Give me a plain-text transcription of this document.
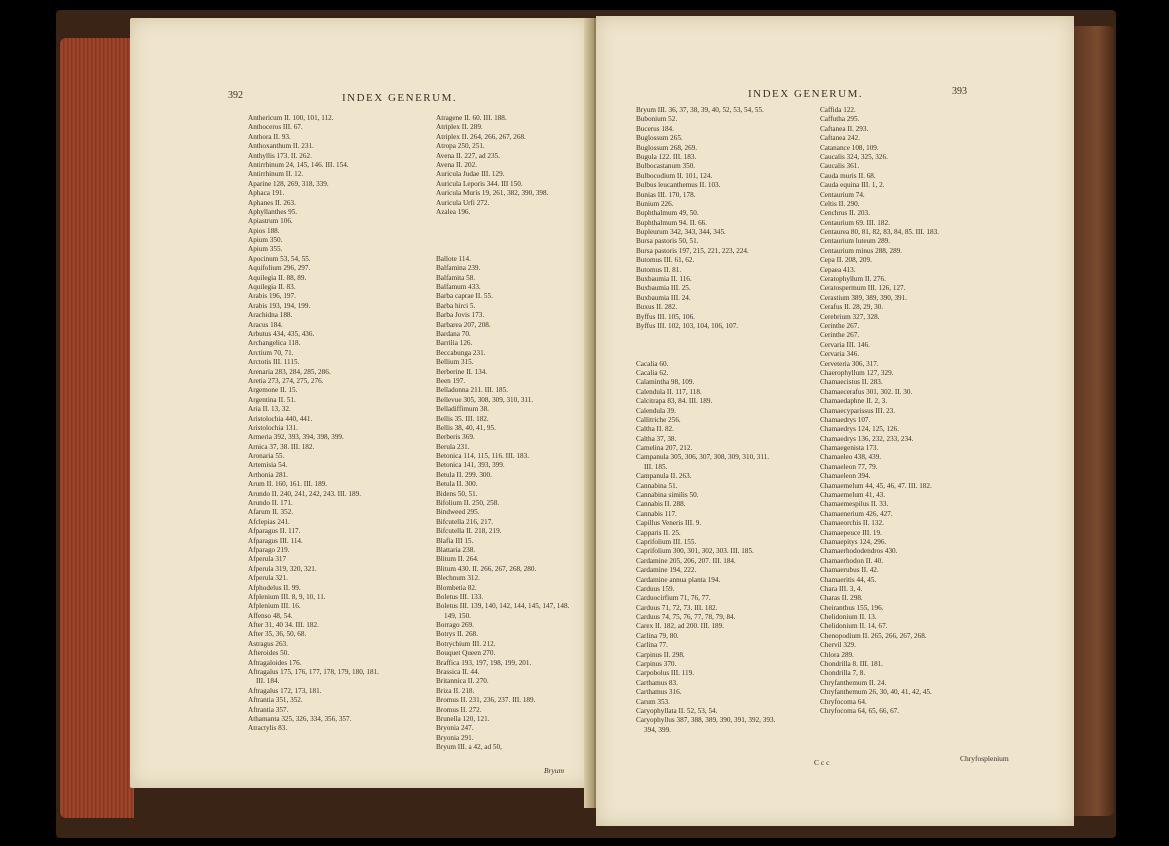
392	INDEX GENERUM.
Anthericum II. 100, 101, 112.
Anthoceros III. 67.
Anthora II. 93.
Anthoxanthum II. 231.
Anthyllis 173. II. 262.
Antirrhinum 24, 145, 146. III. 154.
Antirrhinum II. 12.
Aparine 128, 269, 318, 339.
Aphaca 191.
Aphanes II. 263.
Aphyllanthes 95.
Apiastrum 106.
Apios 188.
Apium 350.
Apium 355.
Apocinum 53, 54, 55.
Aquifolium 296, 297.
Aquilegia II. 88, 89.
Aquilegia II. 83.
Arabis 196, 197.
Arabis 193, 194, 199.
Arachidna 188.
Aracus 184.
Arbutus 434, 435, 436.
Archangelica 118.
Arctium 70, 71.
Arctotis III. 1115.
Arenaria 283, 284, 285, 286.
Aretia 273, 274, 275, 276.
Argemone II. 15.
Argentina II. 51.
Aria II. 13, 32.
Aristolochia 440, 441.
Aristolochia 131.
Armeria 392, 393, 394, 398, 399.
Arnica 37, 38. III. 182.
Aronaria 55.
Artemisia 54.
Arthonia 281.
Arum II. 160, 161. III. 189.
Arundo II. 240, 241, 242, 243. III. 189.
Arundo II. 171.
Afarum II. 352.
Afclepias 241.
Afparagus II. 117.
Afparagus III. 114.
Afparago 219.
Afperula 317
Afperula 319, 320, 321.
Afperula 321.
Afphodelus II. 99.
Afplenium III. 8, 9, 10, 11.
Afplenium III. 16.
Affenso 48, 54.
After 31, 40 34. III. 182.
After 35, 36, 50, 68.
Astragus 263.
Afteroides 50.
Aftragaloides 176.
Aftragalus 175, 176, 177, 178, 179, 180, 181.
III. 184.
Aftragalus 172, 173, 181.
Aftrantia 351, 352.
Aftrantia 357.
Athamanta 325, 326, 334, 356, 357.
Atractylis 83.
Atragene II. 60. III. 188.
Atriplex II. 289.
Atriplex II. 264, 266, 267, 268.
Atropa 250, 251.
Avena II. 227, ad 235.
Avena II. 202.
Auricula Judae III. 129.
Auricula Leporis 344. III 150.
Auricula Muris 19, 261, 382, 390, 398.
Auricula Urfi 272.
Azalea 196.
Ballote 114.
Balfamina 239.
Balfamita 58.
Balfamum 433.
Barba caprae II. 55.
Barba hirci 5.
Barba Jovis 173.
Barbarea 207, 208.
Bardana 70.
Barrilia 126.
Beccabunga 231.
Bellium 315.
Berberine II. 134.
Been 197.
Belladonna 211. III. 185.
Bellevue 305, 308, 309, 310, 311.
Belladiffimum 38.
Bellis 35. III. 182.
Bellis 38, 40, 41, 95.
Berberis 369.
Berula 231.
Betonica 114, 115, 116. III. 183.
Betonica 141, 393, 399.
Betula II. 299. 300.
Betula II. 300.
Bidens 50, 51.
Bifolium II. 250, 258.
Bindweed 295.
Bifcutella 216, 217.
Bifcutella II. 218, 219.
Blafia III 15.
Blattaria 238.
Blitum II. 264.
Blitum 430. II. 266, 267, 268, 280.
Blechnum 312.
Blombetia 82.
Boletus III. 133.
Boletus III. 139, 140, 142, 144, 145, 147, 148.
149, 150.
Borrago 269.
Botrys II. 268.
Botrychium III. 212.
Bouquet Queen 270.
Braffica 193, 197, 198, 199, 201.
Brassica II. 44.
Britannica II. 270.
Briza II. 218.
Bromus II. 231, 236, 237. III. 189.
Bromus II. 272.
Brunella 120, 121.
Bryonia 247.
Bryonia 291.
Bryum III. a 42, ad 50,
Bryum
INDEX GENERUM.	393
Bryum III. 36, 37, 38, 39, 40, 52, 53, 54, 55.
Bubonium 52.
Bucerus 184.
Buglossum 265.
Buglossum 268, 269.
Bugula 122. III. 183.
Bulbocastanum 350.
Bulbocodium II. 101, 124.
Bulbus leucanthemus II. 103.
Bunias III. 170, 178.
Bunium 226.
Buphthalmum 49, 50.
Buphthalmum 94. II. 66.
Bupleurum 342, 343, 344, 345.
Bursa pastoris 50, 51.
Bursa pastoris 197, 215, 221, 223, 224.
Butomus III. 61, 62.
Butomus II. 81.
Buxbaumia II. 116.
Buxbaumia III. 25.
Buxbaumia III. 24.
Buxus II. 282.
Byffus III. 105, 106.
Byffus III. 102, 103, 104, 106, 107.
Cacalia 60.
Cacalia 62.
Calamintha 98, 109.
Calendula II. 117, 118.
Calcitrapa 83, 84. III. 189.
Calendula 39.
Callitriche 256.
Caltha II. 82.
Caltha 37, 38.
Camelina 207, 212.
Campanula 305, 306, 307, 308, 309, 310, 311.
III. 185.
Campanula II. 263.
Cannabina 51.
Cannabina similis 50.
Cannabis II. 288.
Cannabis 117.
Capillus Veneris III. 9.
Capparis II. 25.
Caprifolium III. 155.
Caprifolium 300, 301, 302, 303. III. 185.
Cardamine 205, 206, 207. III. 184.
Cardamine 194, 222.
Cardamine annua planta 194.
Carduus 159.
Carduocirfium 71, 76, 77.
Carduus 71, 72, 73. III. 182.
Carduus 74, 75, 76, 77, 78, 79, 84.
Carex II. 182, ad 200. III. 189.
Carlina 79, 80.
Carlina 77.
Carpinus II. 298.
Carpinus 370.
Carpobolus III. 119.
Carthamus 83.
Carthamus 316.
Carum 353.
Caryophyllata II. 52, 53, 54.
Caryophyllus 387, 388, 389, 390, 391, 392, 393.
394, 399.
Caffida 122.
Caffutha 295.
Caftanea II. 293.
Caftanea 242.
Catanance 108, 109.
Caucalis 324, 325, 326.
Caucalis 361.
Cauda muris II. 68.
Cauda equina III. 1, 2.
Centaurium 74.
Celtis II. 290.
Cenchrus II. 203.
Centaurium 69. III. 182.
Centaurea 80, 81, 82, 83, 84, 85. III. 183.
Centaurium luteum 289.
Centaurium minus 288, 289.
Cepa II. 208, 209.
Cepaea 413.
Ceratophyllum II. 276.
Ceratospermum III. 126, 127.
Cerastium 389, 389, 390, 391.
Cerafus II. 28, 29, 30.
Cerebrium 327, 328.
Cerinthe 267.
Cerinthe 267.
Cervaria III. 146.
Cervaria 346.
Cerveteria 306, 317.
Chaerophyllum 127, 329.
Chamaecistus II. 283.
Chamaecerafus 301, 302. II. 30.
Chamaedaphne II. 2, 3.
Chamaecyparissus III. 23.
Chamaedrys 107.
Chamaedrys 124, 125, 126.
Chamaedrys 136, 232, 233, 234.
Chamaegenista 173.
Chamaeleo 438, 439.
Chamaeleon 77, 79.
Chamaeleon 394.
Chamaemelum 44, 45, 46, 47. III. 182.
Chamaemelum 41, 43.
Chamaemespilus II. 33.
Chamaenerium 426, 427.
Chamaeorchis II. 132.
Chamaepeuce III. 19.
Chamaepitys 124, 296.
Chamaerhododendros 430.
Chamaerhodon II. 40.
Chamaerubus II. 42.
Chamaeritis 44, 45.
Chara III. 3, 4.
Charas II. 298.
Cheiranthus 155, 196.
Chelidonium II. 13.
Chelidonium II. 14, 67.
Chenopodium II. 265, 266, 267, 268.
Chervil 329.
Chlora 289.
Chondrilla 8. III. 181.
Chondrilla 7, 8.
Chryfanthemum II. 24.
Chryfanthemum 26, 30, 40, 41, 42, 45.
Chryfocoma 64.
Chryfocoma 64, 65, 66, 67.
C c c	Chryfosplenium
